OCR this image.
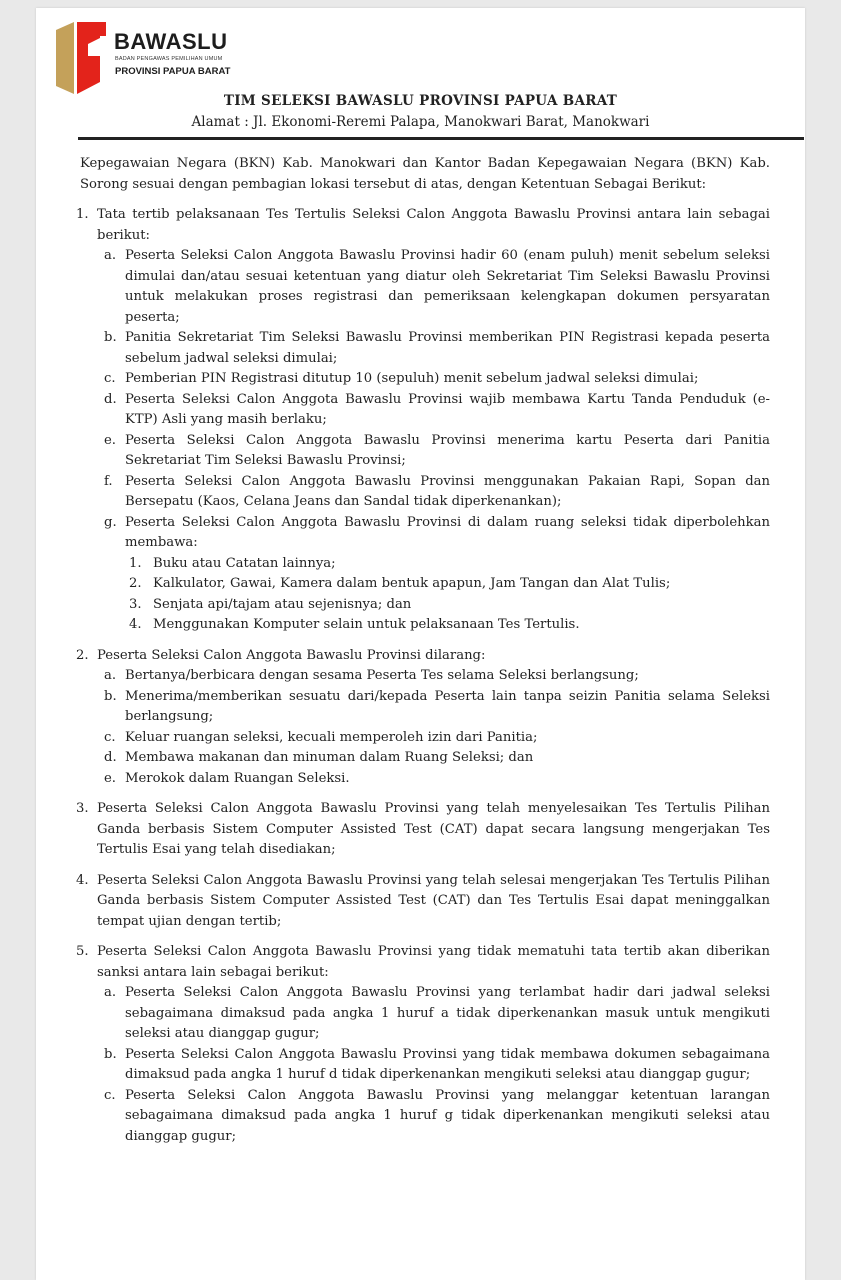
BAWASLU
BADAN PENGAWAS PEMILIHAN UMUM
PROVINSI PAPUA BARAT
TIM SELEKSI BAWASLU PROVINSI PAPUA BARAT
Alamat : Jl. Ekonomi-Reremi Palapa, Manokwari Barat, Manokwari

Kepegawaian Negara (BKN) Kab. Manokwari dan Kantor Badan Kepegawaian Negara (BKN) Kab. Sorong sesuai dengan pembagian lokasi tersebut di atas, dengan Ketentuan Sebagai Berikut:

1. Tata tertib pelaksanaan Tes Tertulis Seleksi Calon Anggota Bawaslu Provinsi antara lain sebagai berikut:
a. Peserta Seleksi Calon Anggota Bawaslu Provinsi hadir 60 (enam puluh) menit sebelum seleksi dimulai dan/atau sesuai ketentuan yang diatur oleh Sekretariat Tim Seleksi Bawaslu Provinsi untuk melakukan proses registrasi dan pemeriksaan kelengkapan dokumen persyaratan peserta;
b. Panitia Sekretariat Tim Seleksi Bawaslu Provinsi memberikan PIN Registrasi kepada peserta sebelum jadwal seleksi dimulai;
c. Pemberian PIN Registrasi ditutup 10 (sepuluh) menit sebelum jadwal seleksi dimulai;
d. Peserta Seleksi Calon Anggota Bawaslu Provinsi wajib membawa Kartu Tanda Penduduk (e-KTP) Asli yang masih berlaku;
e. Peserta Seleksi Calon Anggota Bawaslu Provinsi menerima kartu Peserta dari Panitia Sekretariat Tim Seleksi Bawaslu Provinsi;
f. Peserta Seleksi Calon Anggota Bawaslu Provinsi menggunakan Pakaian Rapi, Sopan dan Bersepatu (Kaos, Celana Jeans dan Sandal tidak diperkenankan);
g. Peserta Seleksi Calon Anggota Bawaslu Provinsi di dalam ruang seleksi tidak diperbolehkan membawa:
1. Buku atau Catatan lainnya;
2. Kalkulator, Gawai, Kamera dalam bentuk apapun, Jam Tangan dan Alat Tulis;
3. Senjata api/tajam atau sejenisnya; dan
4. Menggunakan Komputer selain untuk pelaksanaan Tes Tertulis.
2. Peserta Seleksi Calon Anggota Bawaslu Provinsi dilarang:
a. Bertanya/berbicara dengan sesama Peserta Tes selama Seleksi berlangsung;
b. Menerima/memberikan sesuatu dari/kepada Peserta lain tanpa seizin Panitia selama Seleksi berlangsung;
c. Keluar ruangan seleksi, kecuali memperoleh izin dari Panitia;
d. Membawa makanan dan minuman dalam Ruang Seleksi; dan
e. Merokok dalam Ruangan Seleksi.
3. Peserta Seleksi Calon Anggota Bawaslu Provinsi yang telah menyelesaikan Tes Tertulis Pilihan Ganda berbasis Sistem Computer Assisted Test (CAT) dapat secara langsung mengerjakan Tes Tertulis Esai yang telah disediakan;
4. Peserta Seleksi Calon Anggota Bawaslu Provinsi yang telah selesai mengerjakan Tes Tertulis Pilihan Ganda berbasis Sistem Computer Assisted Test (CAT) dan Tes Tertulis Esai dapat meninggalkan tempat ujian dengan tertib;
5. Peserta Seleksi Calon Anggota Bawaslu Provinsi yang tidak mematuhi tata tertib akan diberikan sanksi antara lain sebagai berikut:
a. Peserta Seleksi Calon Anggota Bawaslu Provinsi yang terlambat hadir dari jadwal seleksi sebagaimana dimaksud pada angka 1 huruf a tidak diperkenankan masuk untuk mengikuti seleksi atau dianggap gugur;
b. Peserta Seleksi Calon Anggota Bawaslu Provinsi yang tidak membawa dokumen sebagaimana dimaksud pada angka 1 huruf d tidak diperkenankan mengikuti seleksi atau dianggap gugur;
c. Peserta Seleksi Calon Anggota Bawaslu Provinsi yang melanggar ketentuan larangan sebagaimana dimaksud pada angka 1 huruf g tidak diperkenankan mengikuti seleksi atau dianggap gugur;
